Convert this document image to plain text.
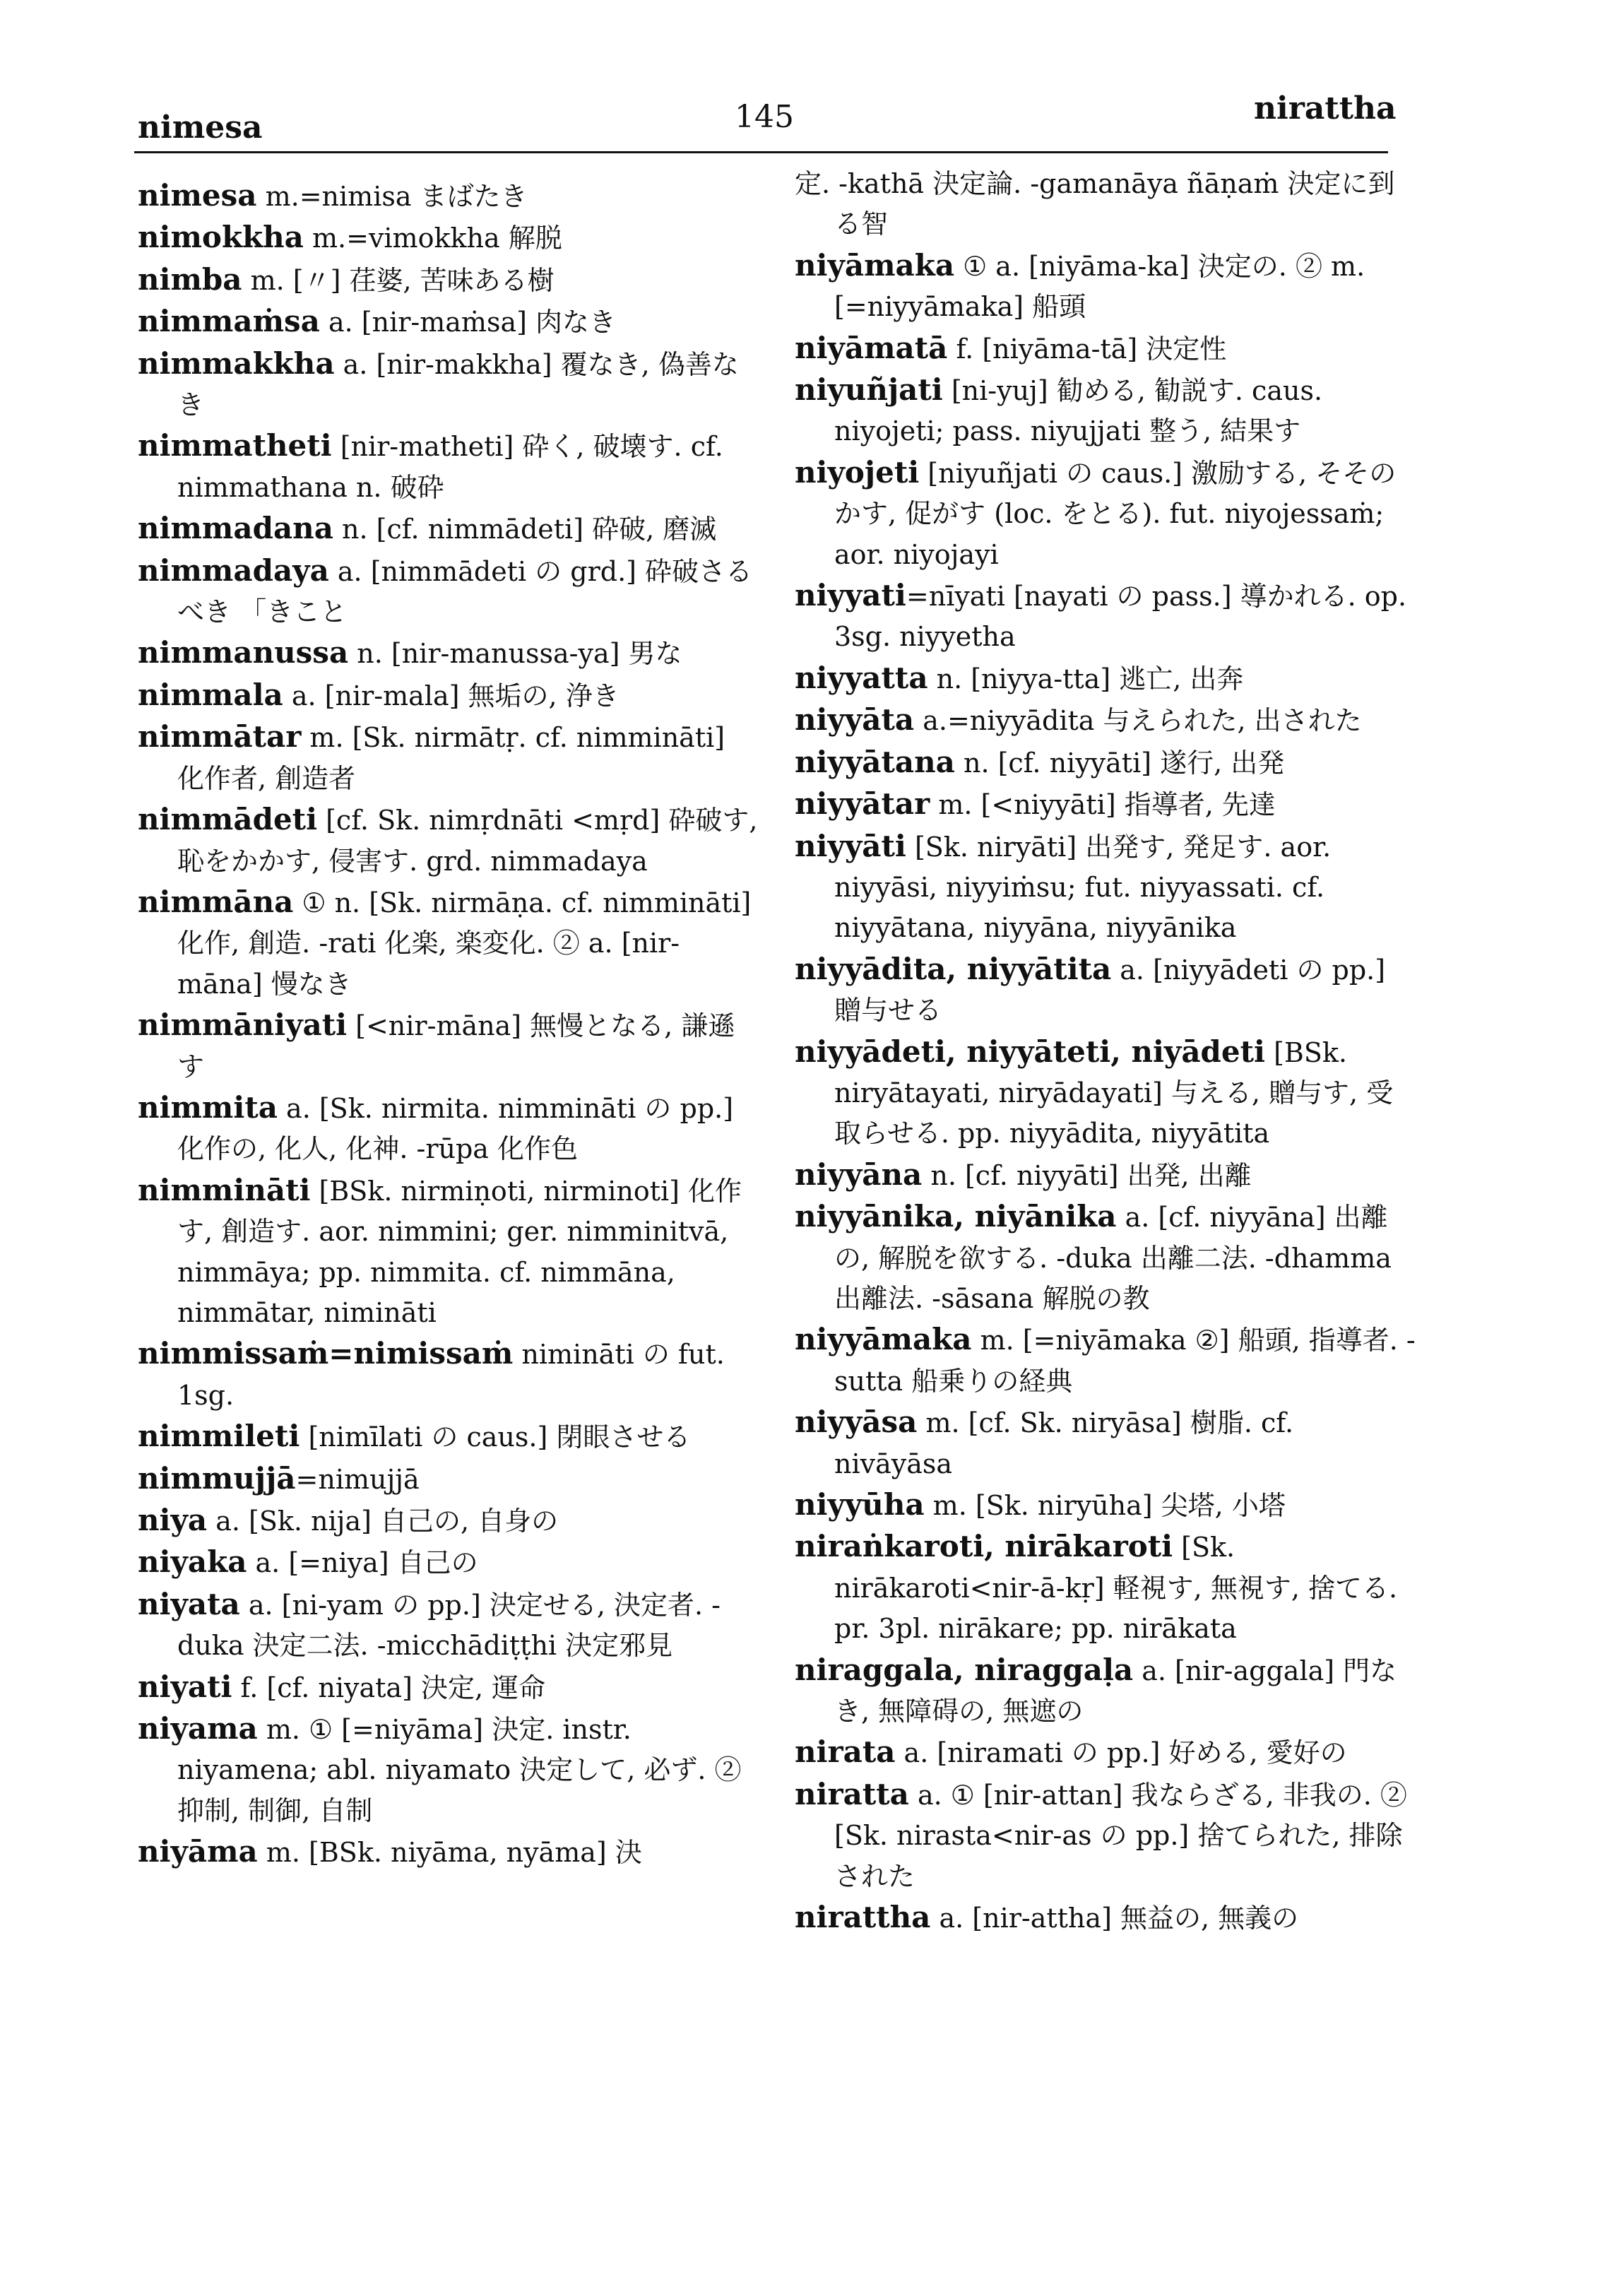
nimesa	145	niratthа

nimesa m.=nimisa まばたき

nimokkha m.=vimokkha 解脱

nimba m. [〃] 荏婆, 苦味ある樹

nimmaṁsa a. [nir-maṁsa] 肉なき

nimmakkha a. [nir-makkha] 覆なき, 偽善なき

nimmatheti [nir-matheti] 砕く, 破壊す. cf. nimmathana n. 破砕

nimmadana n. [cf. nimmādeti] 砕破, 磨滅

nimmadaya a. [nimmādeti の grd.] 砕破さるべき 「きこと

nimmanussa n. [nir-manussa-ya] 男な

nimmala a. [nir-mala] 無垢の, 浄き

nimmātar m. [Sk. nirmātṛ. cf. nimmināti] 化作者, 創造者

nimmādeti [cf. Sk. nimṛdnāti <mṛd] 砕破す, 恥をかかす, 侵害す. grd. nimmadaya

nimmāna ① n. [Sk. nirmāṇa. cf. nimmināti] 化作, 創造. -rati 化楽, 楽変化. ② a. [nir-māna] 慢なき

nimmāniyati [<nir-māna] 無慢となる, 謙遜す

nimmita a. [Sk. nirmita. nimmināti の pp.] 化作の, 化人, 化神. -rūpa 化作色

nimmināti [BSk. nirmiṇoti, nirminoti] 化作す, 創造す. aor. nimmini; ger. nimminitvā, nimmāya; pp. nimmita. cf. nimmāna, nimmātar, nimināti

nimmissaṁ=nimissaṁ nimināti の fut. 1sg.

nimmileti [nimīlati の caus.] 閉眼させる

nimmujjā=nimujjā

niya a. [Sk. nija] 自己の, 自身の

niyaka a. [=niya] 自己の

niyata a. [ni-yam の pp.] 決定せる, 決定者. -duka 決定二法. -micchādiṭṭhi 決定邪見

niyati f. [cf. niyata] 決定, 運命

niyama m. ① [=niyāma] 決定. instr. niyamena; abl. niyamato 決定して, 必ず. ② 抑制, 制御, 自制

niyāma m. [BSk. niyāma, nyāma] 決

定. -kathā 決定論. -gamanāya ñāṇaṁ 決定に到る智

niyāmaka ① a. [niyāma-ka] 決定の. ② m. [=niyyāmaka] 船頭

niyāmatā f. [niyāma-tā] 決定性

niyuñjati [ni-yuj] 勧める, 勧説す. caus. niyojeti; pass. niyujjati 整う, 結果す

niyojeti [niyuñjati の caus.] 激励する, そそのかす, 促がす (loc. をとる). fut. niyojessaṁ; aor. niyojayi

niyyati=nīyati [nayati の pass.] 導かれる. op. 3sg. niyyetha

niyyatta n. [niyya-tta] 逃亡, 出奔

niyyāta a.=niyyādita 与えられた, 出された

niyyātana n. [cf. niyyāti] 遂行, 出発

niyyātar m. [<niyyāti] 指導者, 先達

niyyāti [Sk. niryāti] 出発す, 発足す. aor. niyyāsi, niyyiṁsu; fut. niyyassati. cf. niyyātana, niyyāna, niyyānika

niyyādita, niyyātita a. [niyyādeti の pp.] 贈与せる

niyyādeti, niyyāteti, niyādeti [BSk. niryātayati, niryādayati] 与える, 贈与す, 受取らせる. pp. niyyādita, niyyātita

niyyāna n. [cf. niyyāti] 出発, 出離

niyyānika, niyānika a. [cf. niyyāna] 出離の, 解脱を欲する. -duka 出離二法. -dhamma 出離法. -sāsana 解脱の教

niyyāmaka m. [=niyāmaka ②] 船頭, 指導者. -sutta 船乗りの経典

niyyāsa m. [cf. Sk. niryāsa] 樹脂. cf. nivāyāsa

niyyūha m. [Sk. niryūha] 尖塔, 小塔

niraṅkaroti, nirākaroti [Sk. nirākaroti<nir-ā-kṛ] 軽視す, 無視す, 捨てる. pr. 3pl. nirākare; pp. nirākata

niraggala, niraggaḷa a. [nir-aggala] 門なき, 無障碍の, 無遮の

nirata a. [niramati の pp.] 好める, 愛好の

niratta a. ① [nir-attan] 我ならざる, 非我の. ② [Sk. nirasta<nir-as の pp.] 捨てられた, 排除された

niratthа a. [nir-attha] 無益の, 無義の
